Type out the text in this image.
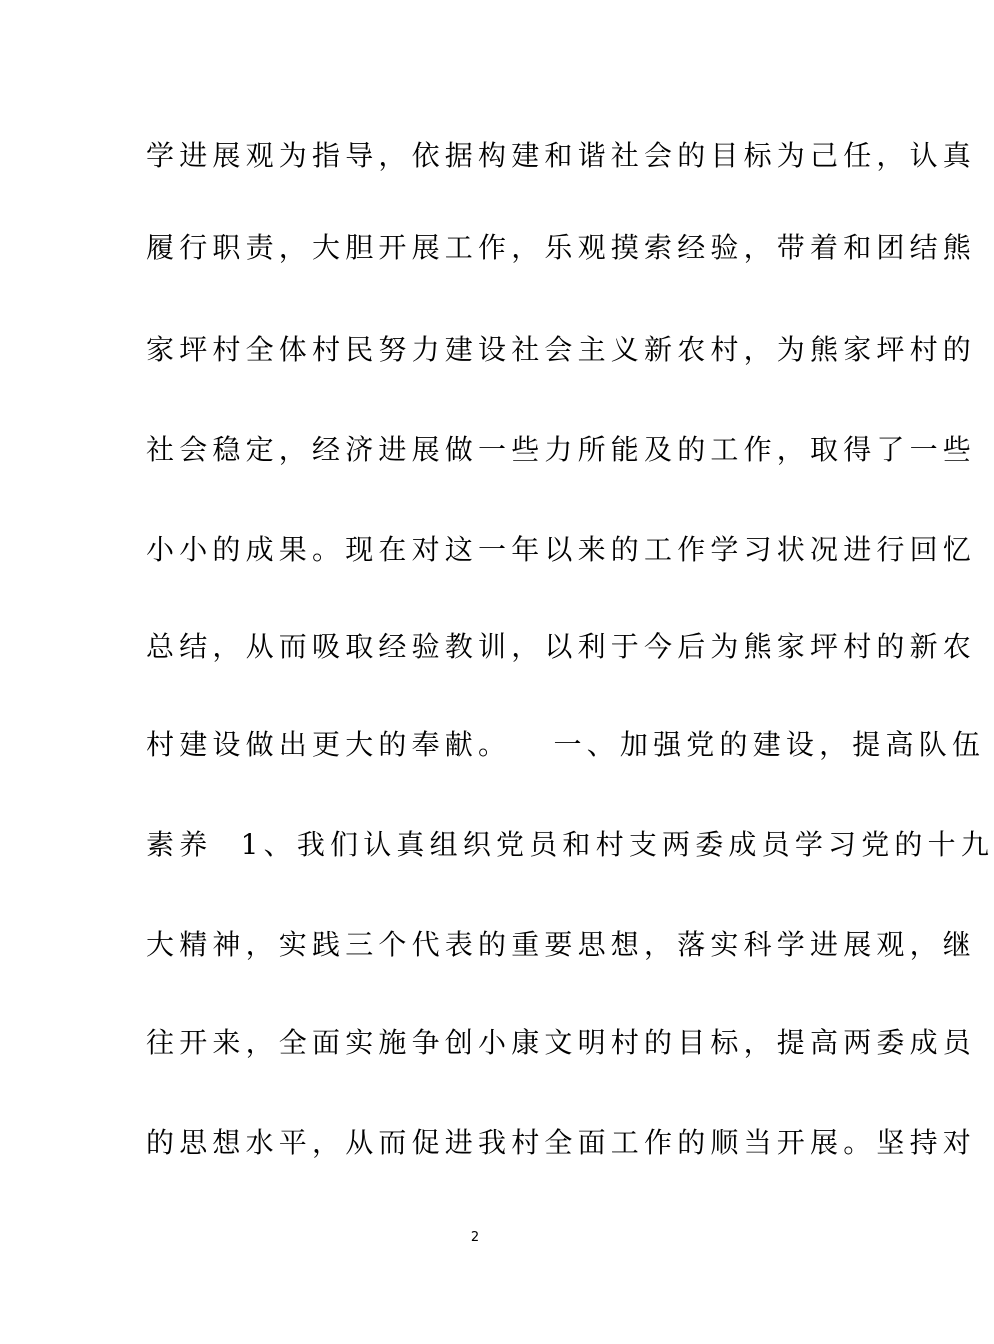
学进展观为指导，依据构建和谐社会的目标为己任，认真
履行职责，大胆开展工作，乐观摸索经验，带着和团结熊
家坪村全体村民努力建设社会主义新农村，为熊家坪村的
社会稳定，经济进展做一些力所能及的工作，取得了一些
小小的成果。现在对这一年以来的工作学习状况进行回忆
总结，从而吸取经验教训，以利于今后为熊家坪村的新农
村建设做出更大的奉献。   一、加强党的建设，提高队伍
素养  1、我们认真组织党员和村支两委成员学习党的十九
大精神，实践三个代表的重要思想，落实科学进展观，继
往开来，全面实施争创小康文明村的目标，提高两委成员
的思想水平，从而促进我村全面工作的顺当开展。坚持对
2
